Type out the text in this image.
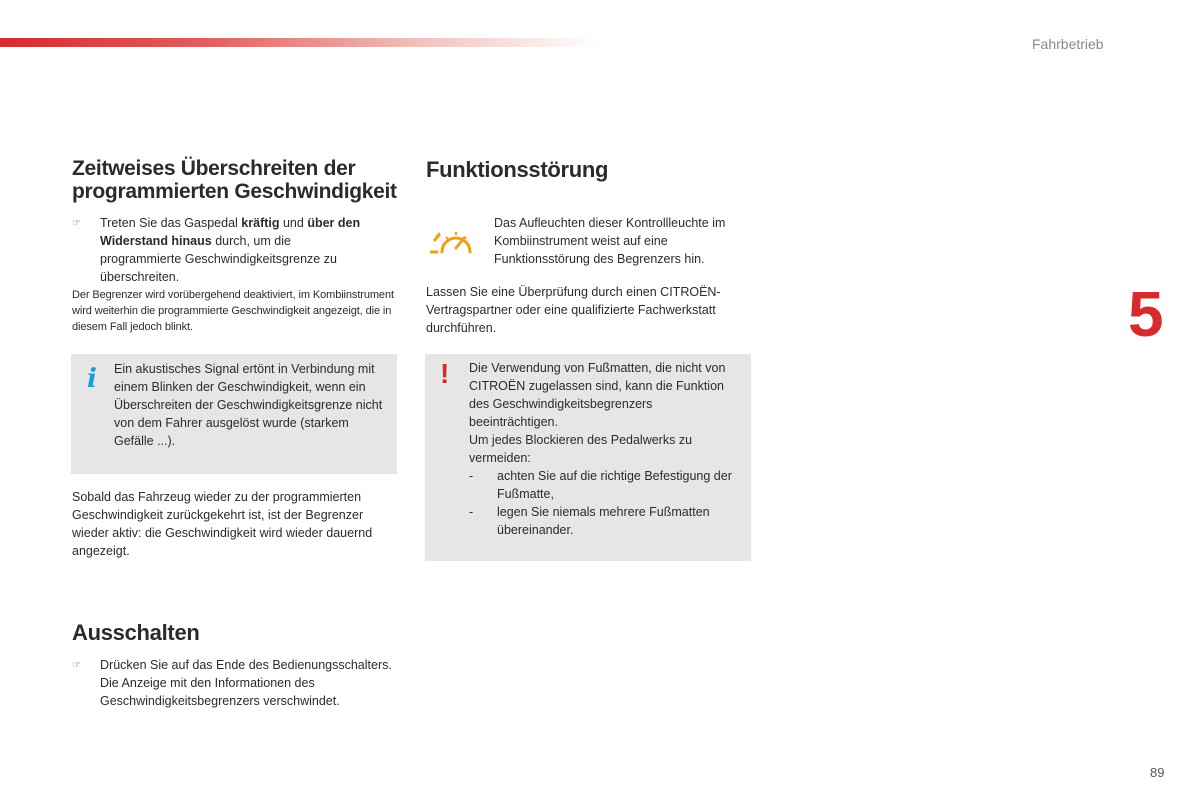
Fahrbetrieb
5
89
Zeitweises Überschreiten der programmierten Geschwindigkeit
☞	Treten Sie das Gaspedal kräftig und über den Widerstand hinaus durch, um die programmierte Geschwindigkeitsgrenze zu überschreiten.

Der Begrenzer wird vorübergehend deaktiviert, im Kombiinstrument wird weiterhin die programmierte Geschwindigkeit angezeigt, die in diesem Fall jedoch blinkt.

i Ein akustisches Signal ertönt in Verbindung mit einem Blinken der Geschwindigkeit, wenn ein Überschreiten der Geschwindigkeitsgrenze nicht von dem Fahrer ausgelöst wurde (starkem Gefälle ...).

Sobald das Fahrzeug wieder zu der programmierten Geschwindigkeit zurückgekehrt ist, ist der Begrenzer wieder aktiv: die Geschwindigkeit wird wieder dauernd angezeigt.

Ausschalten
☞	Drücken Sie auf das Ende des Bedienungsschalters. Die Anzeige mit den Informationen des Geschwindigkeitsbegrenzers verschwindet.
Funktionsstörung

Das Aufleuchten dieser Kontrollleuchte im Kombiinstrument weist auf eine Funktionsstörung des Begrenzers hin.

Lassen Sie eine Überprüfung durch einen CITROËN-Vertragspartner oder eine qualifizierte Fachwerkstatt durchführen.

! Die Verwendung von Fußmatten, die nicht von CITROËN zugelassen sind, kann die Funktion des Geschwindigkeitsbegrenzers beeinträchtigen.

Um jedes Blockieren des Pedalwerks zu vermeiden:

-	achten Sie auf die richtige Befestigung der Fußmatte,
-	legen Sie niemals mehrere Fußmatten übereinander.
